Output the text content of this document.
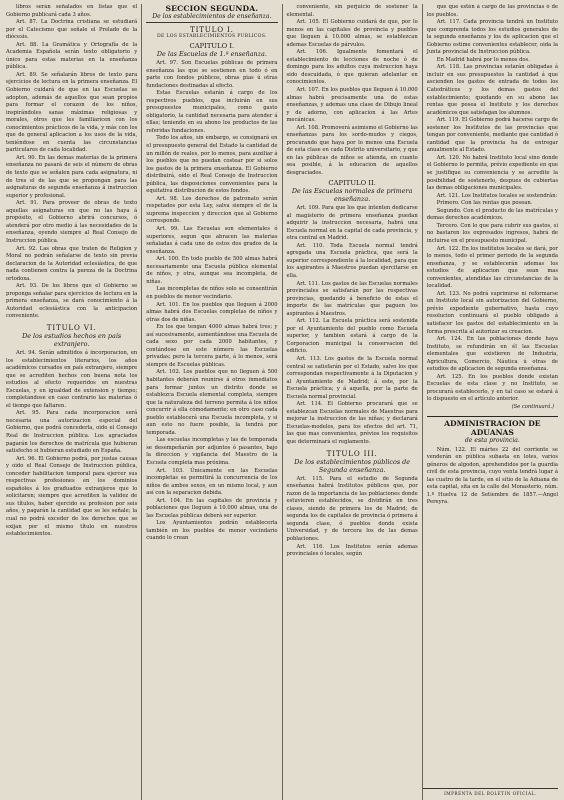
libros serán señalados en listas que el Gobierno publicará cada 3 años.

Art. 87. La Doctrina cristiana se estudiará por el Catecismo que señale el Prelado de la diócesis.

Art. 88. La Gramática y Ortografía de la Academia Española serán texto obligatorio y único para estas materias en la enseñanza pública.

Art. 89. Se señalarán libros de texto para ejercicios de lectura en la primera enseñanza. El Gobierno cuidará de que en las Escuelas se adopten, además de aquellos que sean propios para formar el corazon de los niños, inspirándoles sanas máximas religiosas y morales, otros que les familiaricen con los conocimientos prácticos de la vida, y más con los que de general aplicacion a los usos de la vida, teniéndose en cuenta las circunstancias particulares de cada localidad.

Art. 90. En las demas materias de la primera enseñanza no pasará de seis el número de obras de texto que se señalen para cada asignatura, ni de tres el de las que se propongan para las asignaturas de segunda enseñanza á instruccion superior y profesional.

Art. 91. Para proveer de obras de texto aquellas asignaturas en que no las haya á propósito, el Gobierno abrirá concursos, ó atenderá por otro medio á las necesidades de la enseñanza, oyendo siempre al Real Consejo de Instruccion pública.

Art. 92. Las obras que traten de Religion y Moral no podrán señalarse de texto sin previa declaracion de la Autoridad eclesiástica, de que nada contienen contra la pureza de la Doctrina ortodoxa.

Art. 93. De los libros que el Gobierno se proponga señalar para ejercicios de lectura en la primera enseñanza, se dará conocimiento á la Autoridad eclesiástica con la anticipacion conveniente.

TITULO VI.
De los estudios hechos en país extranjero.

Art. 94. Serán admitidos á incorporacion, en los establecimientos literarios, los años académicos cursados en país extranjero, siempre que se acrediten hechos con buena nota los estudios al efecto requeridos en nuestras Escuelas, y en igualdad de extension y tiempo; completándose en caso contrario las materias ó el tiempo que faltaren.

Art. 95. Para cada incorporacion será necesaria una autorizacion especial del Gobierno, que podrá concederla, oido el Consejo Real de Instruccion pública. Los agraciados pagarán los derechos de matrícula que hubieran satisfecho si hubieran estudiado en España.

Art. 96. El Gobierno podrá, por justas causas y oido el Real Consejo de Instruccion pública, conceder habilitacion temporal para ejercer sus respectivas profesiones en los dominios españoles á los graduados extranjeros que lo solicitaren; siempre que acrediten la validez de sus títulos, haber ejercido su profesion por seis años, y pagarán la cantidad que se les señale; la cual no podrá exceder de los derechos que se exijan por el mismo título en nuestros establecimientos.

SECCION SEGUNDA.
De los establecimientos de enseñanza.
TITULO I.
DE LOS ESTABLECIMIENTOS PUBLICOS.
CAPITULO I.
De las Escuelas de 1.ª enseñanza.

Art. 97. Son Escuelas públicas de primera enseñanza las que se sostienen en todo ó en parte con fondos públicos, obras pias ú otras fundaciones destinadas al efecto.

Estas Escuelas estarán á cargo de los respectivos pueblos, que incluirán en sus presupuestos municipales, como gasto obligatorio, la cantidad necesaria para atender á ellas; teniendo en su abono los productos de las referidas fundaciones.

Todo los años, sin embargo, se consignará en el presupuesto general del Estado la cantidad de un millón de reales, por lo menos, para auxiliar á los pueblos que no puedan costear por si solos los gastos de la primera enseñanza. El Gobierno distribuirá, oido el Real Consejo de Instruccion pública, las disposiciones convenientes para la equitativa distribucion de estos fondos.

Art. 98. Los derechos de patronato serán respetados por esta Ley, salva siempre el de la suprema inspeccion y direccion que al Gobierno corresponde.

Art. 99. Las Escuelas son elementales ó superiores, segun que abracen las materias señaladas á cada uno de estos dos grados de la enseñanza.

Art. 100. En todo pueblo de 500 almas habrá necesariamente una Escuela pública elemental de niños, y otra, aunque sea incompleta, de niñas.

Las incompletas de niños solo se consentirán en pueblos de menor vecindario.

Art. 101. En los pueblos que lleguen á 2000 almas habrá dos Escuelas completas de niños y otras dos de niñas.

En los que tengan 4000 almas habrá tres; y así sucesivamente, aumentándose una Escuela de cada sexo por cada 2000 habitantes, y contándose en este número las Escuelas privadas; pero la tercera parte, á lo menos, será siempre de Escuelas públicas.

Art. 102. Los pueblos que no lleguen á 500 habitantes deberán reunirse á otros inmediatos para formar juntos un distrito donde se establezca Escuela elemental completa, siempre que la naturaleza del terreno permita á los niños concurrir á ella cómodamente; en otro caso cada pueblo establecerá una Escuela incompleta, y si aun esto no fuere posible, la tendrá por temporada.

Las escuelas incompletas y las de temporada se desempeñarán por adjuntos ó pasantes, bajo la direccion y vigilancia del Maestro de la Escuela completa mas próxima.

Art. 103. Únicamente en las Escuelas incompletas se permitirá la concurrencia de los niños de ambos sexos, en un mismo local, y aun así con la separacion debida.

Art. 104. En las capitales de provincia y poblaciones que lleguen á 10.000 almas, una de las Escuelas públicas deberá ser superior.

Los Ayuntamientos podrán establecerla también en los pueblos de menor vecindario cuando lo crean

conveniente, sin perjuicio de sostener la elemental.

Art. 105. El Gobierno cuidará de que, por lo menos en las capitales de provincia y pueblos que lleguen á 10.000 almas, se establezcan ademas Escuelas de párvulos.

Art. 106. Igualmente fomentará el establecimiento de lecciones de noche ó de domingo para los adultos cuya instruccion haya sido descuidada, ó que quieran adelantar en conocimientos.

Art. 107. En los pueblos que lleguen á 10.000 almas habrá precisamente una de estas enseñanzas, y ademas una clase de Dibujo lineal y de adorno, con aplicacion á las Artes mecánicas.

Art. 108. Promoverá asimismo el Gobierno las enseñanzas para los sordo-mudos y ciegos, procurando que haya por lo menos una Escuela de esta clase en cada Distrito universitario, y que en las públicas de niños se atienda, en cuanto sea posible, á la educacion de aquellos desgraciados.

CAPITULO II.
De las Escuelas normales de primera enseñanza.

Art. 109. Para que los que intenten dedicarse al magisterio de primera enseñanza puedan adquirir la instruccion necesaria, habrá una Escuela normal en la capital de cada provincia, y otra central en Madrid.

Art. 110. Toda Escuela normal tendrá agregada una Escuela práctica, que será la superior correspondiente á la localidad, para que los aspirantes á Maestros puedan ejercitarse en ella.

Art. 111. Los gastos de las Escuelas normales provinciales se satisfarán por las respectivas provincias, quedando á beneficio de estas el importe de las matrículas que paguen los aspirantes á Maestros.

Art. 112. La Escuela práctica será sostenida por el Ayuntamiento del pueblo como Escuela superior, y tambien estará á cargo de la Corporacion municipal la conservacion del edificio.

Art. 113. Los gastos de la Escuela normal central se satisfarán por el Estado, salvo los que correspondan respectivamente á la Diputacion y al Ayuntamiento de Madrid; á este, por la Escuela práctica; y á aquella, por la parte de Escuela normal provincial.

Art. 114. El Gobierno procurará que se establezcan Escuelas normales de Maestras para mejorar la instruccion de las niñas; y declarará Escuelas-modelos, para los efectos del art. 71, las que mas convenientes, prévios los requisitos que determinará el reglamento.

TITULO III.
De los establecimientos públicos de Segunda enseñanza.

Art. 115. Para el estudio de Segunda enseñanza habrá Institutos públicos que, por razon de la importancia de las poblaciones donde estuvieren establecidos, se dividirán en tres clases, siendo de primera los de Madrid; de segunda los de capitales de provincia ó primera á segunda clase, ó pueblos donde exista Universidad, y de tercera los de las demas poblaciones.

Art. 116. Los Institutos serán ademas provinciales ó locales, según

que que estén á cargo de las provincias ó de los pueblos.

Art. 117. Cada provincia tendrá un Instituto que comprenda todos los estudios generales de la segunda enseñanza y los de aplicacion que el Gobierno estime convenientes establecer, oida la Junta provincial de Instruccion pública.

En Madrid habrá por lo menos dos.

Art. 118. Las provincias estarán obligadas á incluir en sus presupuestos la cantidad á que ascienden los gastos de entrada de todos los Catedráticos y los demas gastos del establecimiento; quedando en su abono las rentas que posea el Instituto y los derechos académicos que satisfagan los alumnos.

Art. 119. El Gobierno podrá hacerse cargo de sostener los Institutos de las provincias que tengan por conveniente, mediante que cantidad ó cantidad que la provincia ha de entregar anualmente al Estado.

Art. 120. No habrá Instituto local sino donde el Gobierno lo permita, prévio expediente en que se justifique su conveniencia y se acredite la posibilidad de sostenerlo, despues de cubiertas las demas obligaciones municipales.

Art. 121. Los Institutos locales se sostendrán:

Primero. Con las rentas que posean.

Segundo. Con el producto de las matrículas y demas derechos académicos.

Tercero. Con lo que para cubrir sus gastos, si no bastaren los expresados ingresos, habrá de incluirse en el presupuesto municipal.

Art. 122. En los institutos locales se dará, por lo menos, todo el primer periodo de la segunda enseñanza, y se establecerán ademas los estudios de aplicacion que sean mas convenientes, atendidas las circunstancias de la localidad.

Art. 123. No podrá suprimirse ni reformarse un Instituto local sin autorizacion del Gobierno, prévio expediente gubernativo, hasta cuyo resolucion continuará el pueblo obligado á satisfacer los gastos del establecimiento en la forma prescrita al autorizar su creacion.

Art. 124. En las poblaciones donde haya Instituto, se refundirán en él las Escuelas elementales que existieren de Industria, Agricultura, Comercio, Náutica ú otras de estudios de aplicacion de segunda enseñanza.

Art. 125. En los pueblos donde existan Escuelas de esta clase y no Instituto, se procurará establecerlo, y en tal caso se estará á lo dispuesto en el artículo anterior.

(Se continuará.)

ADMINISTRACION DE ADUANAS
de esta provincia.

Núm. 122. El mártes 22 del corriente se venderán en pública subasta en lotes, varios géneros de algodon, aprehendidos por la guardia civil de esta provincia, cuyo venta tendrá lugar á las cuatro de la tarde, en el sitio de la Aduana de esta capital, sita en la calle del Monasterio, núm. 1.º Huelva 12 de Setiembre de 1857.—Angel Pereyra.

IMPRENTA DEL BOLETIN OFICIAL.
